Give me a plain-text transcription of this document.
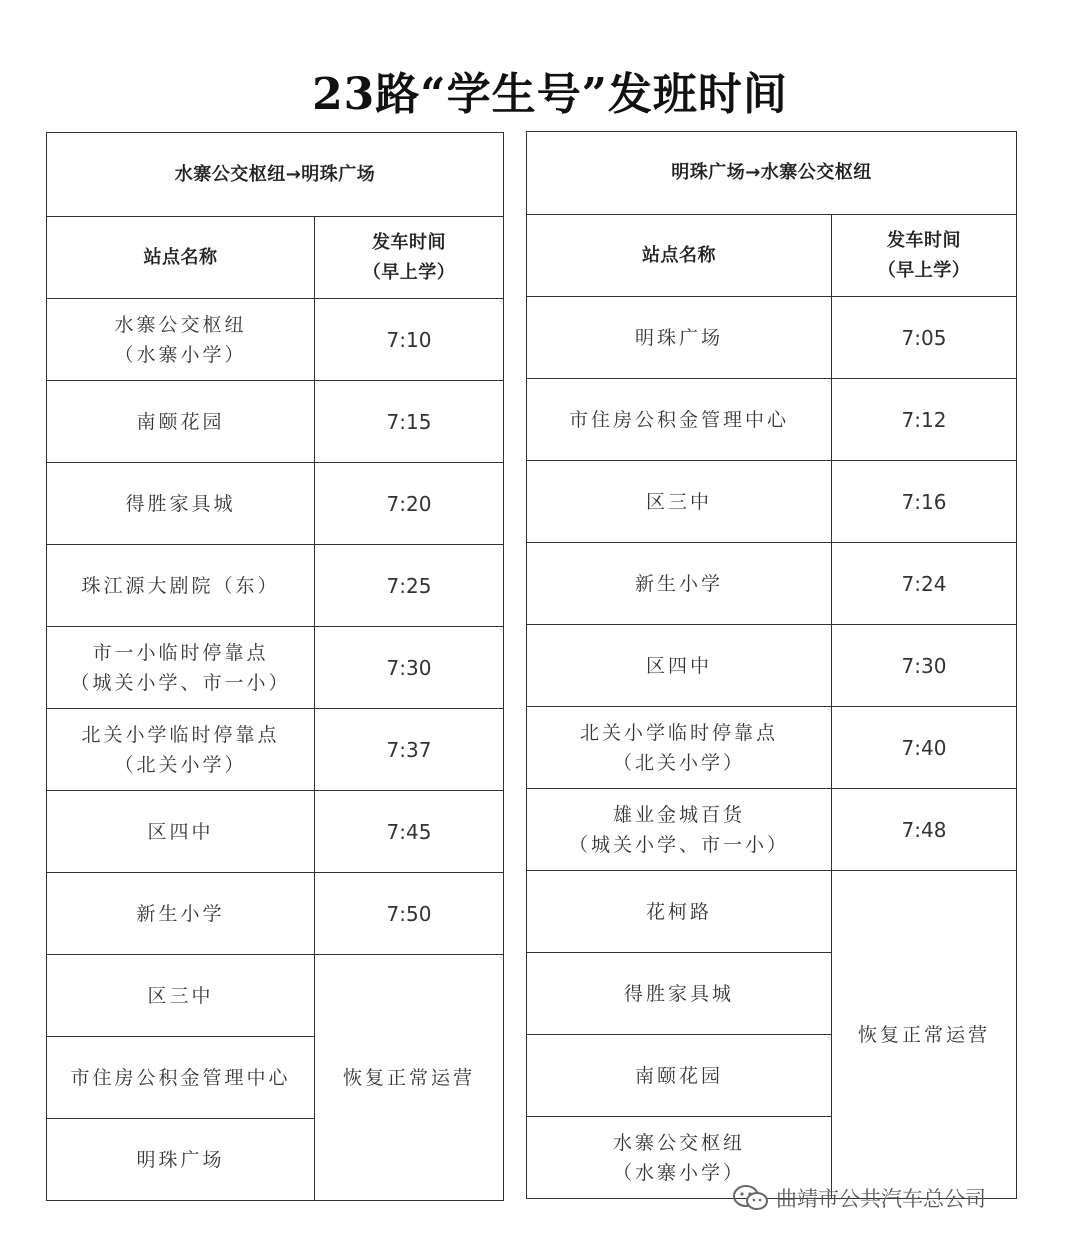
23路“学生号”发班时间
水寨公交枢纽→明珠广场	
站点名称	发车时间
（早上学）

水寨公交枢纽
（水寨小学）	7:10

南颐花园	7:15

得胜家具城	7:20

珠江源大剧院（东）	7:25

市一小临时停靠点
（城关小学、市一小）	7:30

北关小学临时停靠点
（北关小学）	7:37

区四中	7:45

新生小学	7:50

区三中	恢复正常运营

市住房公积金管理中心	

明珠广场	
明珠广场→水寨公交枢纽	
站点名称	发车时间
（早上学）

明珠广场	7:05

市住房公积金管理中心	7:12

区三中	7:16

新生小学	7:24

区四中	7:30

北关小学临时停靠点
（北关小学）	7:40

雄业金城百货
（城关小学、市一小）	7:48

花柯路	恢复正常运营

得胜家具城	

南颐花园	

水寨公交枢纽
（水寨小学）	
曲靖市公共汽车总公司
